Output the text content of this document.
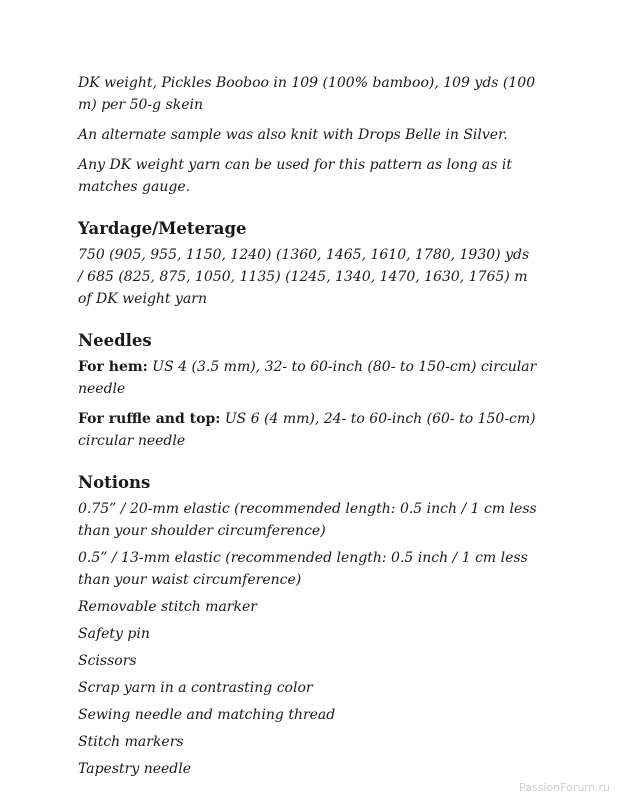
DK weight, Pickles Booboo in 109 (100% bamboo), 109 yds (100 m) per 50-g skein

An alternate sample was also knit with Drops Belle in Silver.

Any DK weight yarn can be used for this pattern as long as it matches gauge.

Yardage/Meterage

750 (905, 955, 1150, 1240) (1360, 1465, 1610, 1780, 1930) yds / 685 (825, 875, 1050, 1135) (1245, 1340, 1470, 1630, 1765) m of DK weight yarn

Needles

For hem: US 4 (3.5 mm), 32- to 60-inch (80- to 150-cm) circular needle

For ruffle and top: US 6 (4 mm), 24- to 60-inch (60- to 150-cm) circular needle

Notions

0.75” / 20-mm elastic (recommended length: 0.5 inch / 1 cm less than your shoulder circumference)

0.5” / 13-mm elastic (recommended length: 0.5 inch / 1 cm less than your waist circumference)

Removable stitch marker

Safety pin

Scissors

Scrap yarn in a contrasting color

Sewing needle and matching thread

Stitch markers

Tapestry needle

PassionForum.ru
